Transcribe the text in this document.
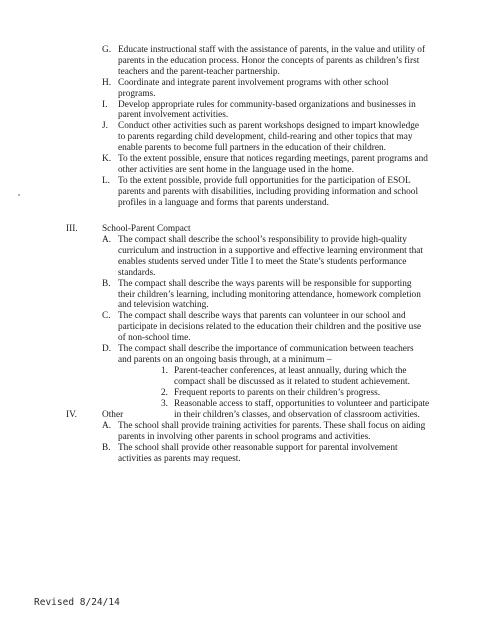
G. Educate instructional staff with the assistance of parents, in the value and utility of parents in the education process. Honor the concepts of parents as children’s first teachers and the parent-teacher partnership.
H. Coordinate and integrate parent involvement programs with other school programs.
I. Develop appropriate rules for community-based organizations and businesses in parent involvement activities.
J. Conduct other activities such as parent workshops designed to impart knowledge to parents regarding child development, child-rearing and other topics that may enable parents to become full partners in the education of their children.
K. To the extent possible, ensure that notices regarding meetings, parent programs and other activities are sent home in the language used in the home.
L. To the extent possible, provide full opportunities for the participation of ESOL parents and parents with disabilities, including providing information and school profiles in a language and forms that parents understand.
III.	School-Parent Compact
A. The compact shall describe the school’s responsibility to provide high-quality curriculum and instruction in a supportive and effective learning environment that enables students served under Title I to meet the State’s students performance standards.
B. The compact shall describe the ways parents will be responsible for supporting their children’s learning, including monitoring attendance, homework completion and television watching.
C. The compact shall describe ways that parents can volunteer in our school and participate in decisions related to the education their children and the positive use of non-school time.
D. The compact shall describe the importance of communication between teachers and parents on an ongoing basis through, at a minimum –
1. Parent-teacher conferences, at least annually, during which the compact shall be discussed as it related to student achievement.
2. Frequent reports to parents on their children’s progress.
3. Reasonable access to staff, opportunities to volunteer and participate in their children’s classes, and observation of classroom activities.
IV.	Other
A. The school shall provide training activities for parents. These shall focus on aiding parents in involving other parents in school programs and activities.
B. The school shall provide other reasonable support for parental involvement activities as parents may request.
Revised 8/24/14
